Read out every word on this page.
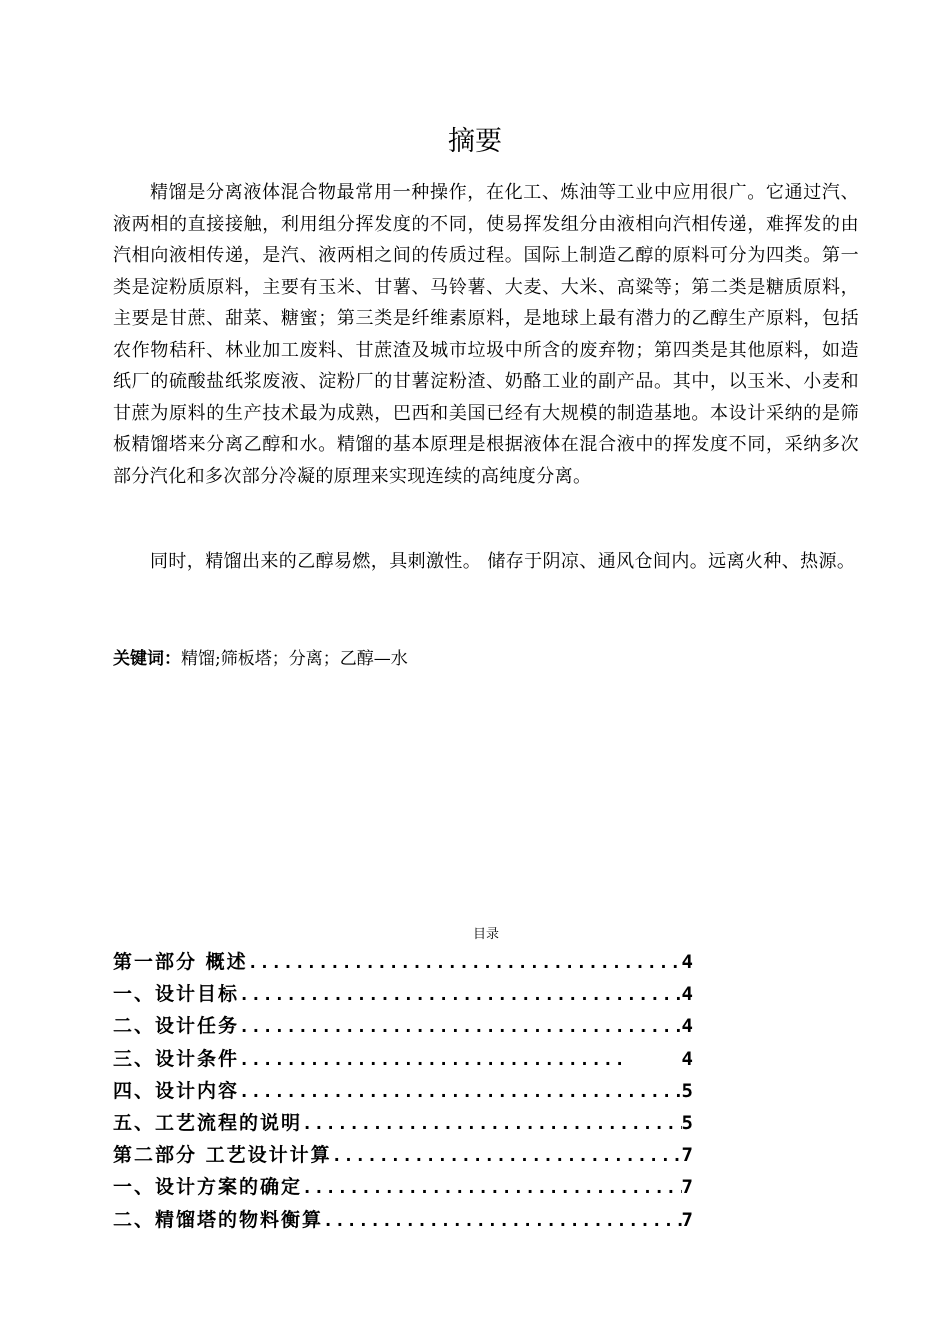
摘要

精馏是分离液体混合物最常用一种操作，在化工、炼油等工业中应用很广。它通过汽、液两相的直接接触，利用组分挥发度的不同，使易挥发组分由液相向汽相传递，难挥发的由汽相向液相传递，是汽、液两相之间的传质过程。国际上制造乙醇的原料可分为四类。第一类是淀粉质原料，主要有玉米、甘薯、马铃薯、大麦、大米、高粱等；第二类是糖质原料，主要是甘蔗、甜菜、糖蜜；第三类是纤维素原料，是地球上最有潜力的乙醇生产原料，包括农作物秸秆、林业加工废料、甘蔗渣及城市垃圾中所含的废弃物；第四类是其他原料，如造纸厂的硫酸盐纸浆废液、淀粉厂的甘薯淀粉渣、奶酪工业的副产品。其中，以玉米、小麦和甘蔗为原料的生产技术最为成熟，巴西和美国已经有大规模的制造基地。本设计采纳的是筛板精馏塔来分离乙醇和水。精馏的基本原理是根据液体在混合液中的挥发度不同，采纳多次部分汽化和多次部分冷凝的原理来实现连续的高纯度分离。

同时，精馏出来的乙醇易燃，具刺激性。 储存于阴凉、通风仓间内。远离火种、热源。

关键词：精馏;筛板塔；分离；乙醇—水
目录
第一部分 概述 .....	4
一、设计目标 .....	4
二、设计任务 .....	4
三、设计条件 .....	4
四、设计内容 .....	5
五、工艺流程的说明 .....	5
第二部分 工艺设计计算 .....	7
一、设计方案的确定 .....	7
二、精馏塔的物料衡算 .....	7
